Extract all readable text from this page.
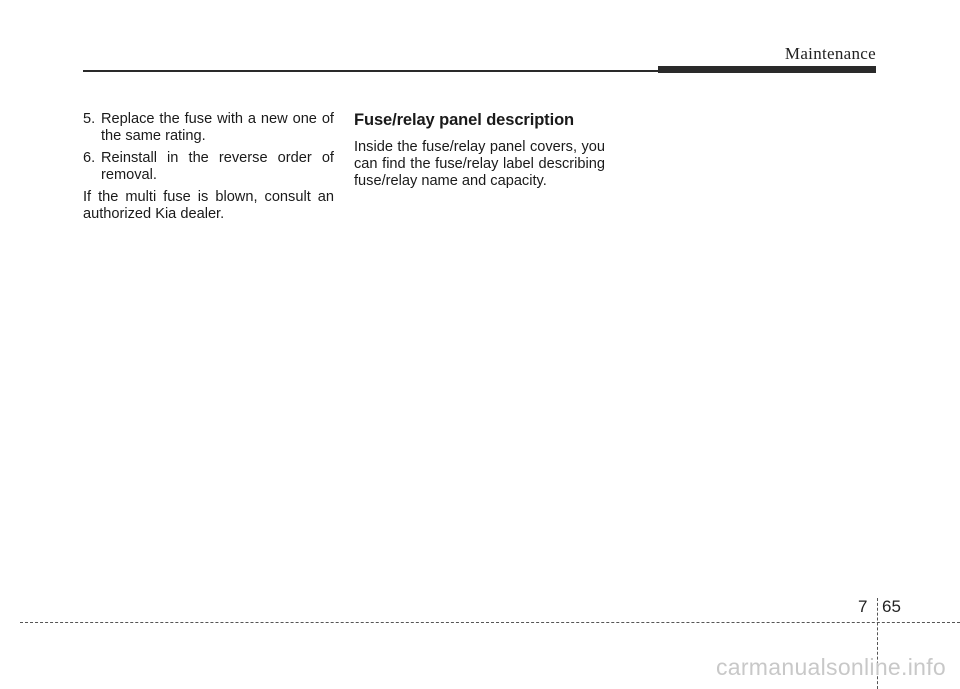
Maintenance
5. Replace the fuse with a new one of the same rating.
6. Reinstall in the reverse order of removal.

If the multi fuse is blown, consult an authorized Kia dealer.

Fuse/relay panel description

Inside the fuse/relay panel covers, you can find the fuse/relay label describing fuse/relay name and capacity.

7 65
carmanualsonline.info
